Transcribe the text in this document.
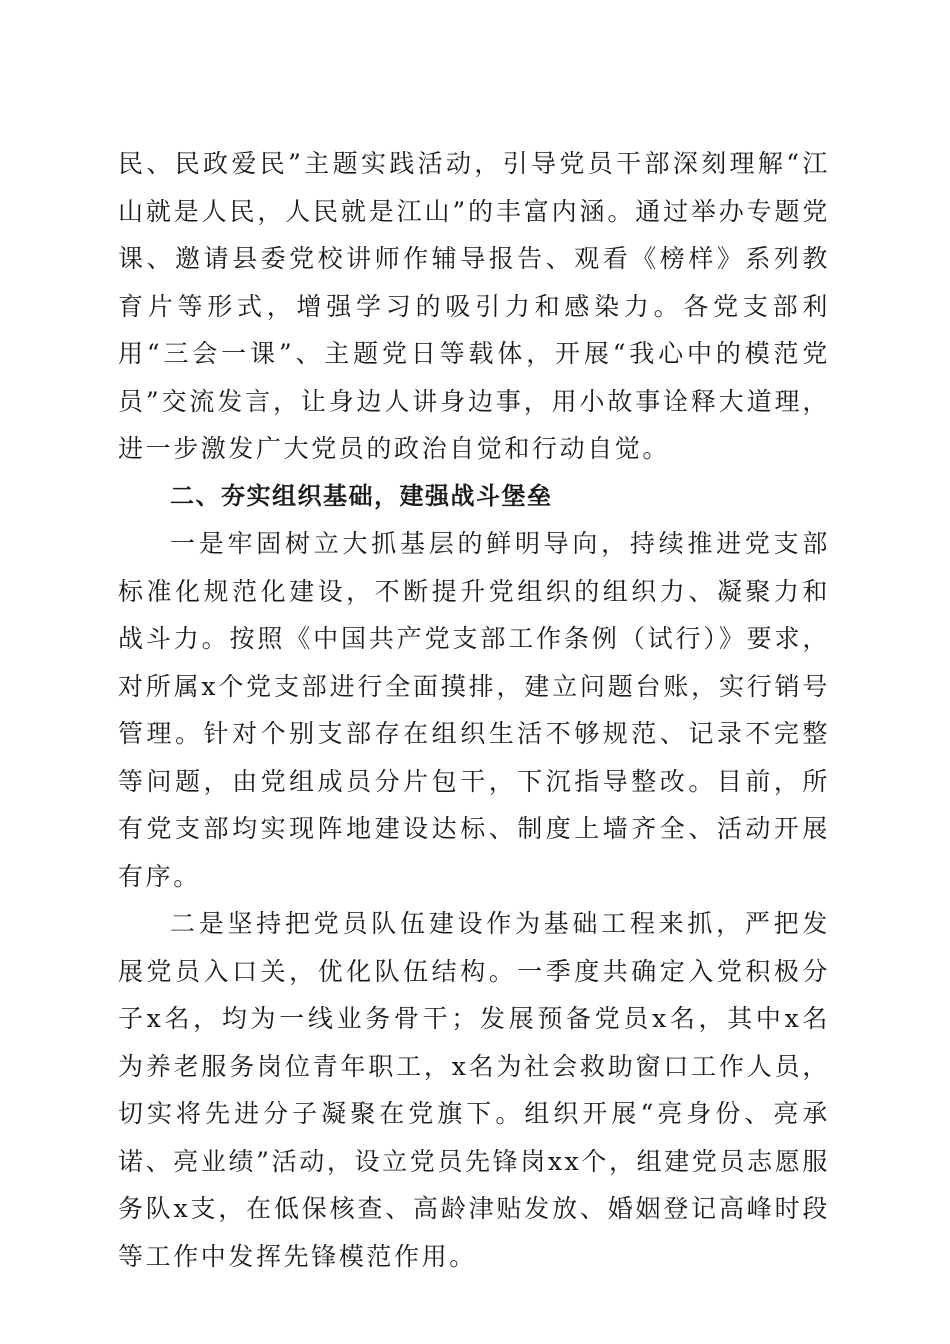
民、民政爱民”主题实践活动，引导党员干部深刻理解“江山就是人民，人民就是江山”的丰富内涵。通过举办专题党课、邀请县委党校讲师作辅导报告、观看《榜样》系列教育片等形式，增强学习的吸引力和感染力。各党支部利用“三会一课”、主题党日等载体，开展“我心中的模范党员”交流发言，让身边人讲身边事，用小故事诠释大道理，进一步激发广大党员的政治自觉和行动自觉。

二、夯实组织基础，建强战斗堡垒

一是牢固树立大抓基层的鲜明导向，持续推进党支部标准化规范化建设，不断提升党组织的组织力、凝聚力和战斗力。按照《中国共产党支部工作条例（试行）》要求，对所属x个党支部进行全面摸排，建立问题台账，实行销号管理。针对个别支部存在组织生活不够规范、记录不完整等问题，由党组成员分片包干，下沉指导整改。目前，所有党支部均实现阵地建设达标、制度上墙齐全、活动开展有序。

二是坚持把党员队伍建设作为基础工程来抓，严把发展党员入口关，优化队伍结构。一季度共确定入党积极分子x名，均为一线业务骨干；发展预备党员x名，其中x名为养老服务岗位青年职工，x名为社会救助窗口工作人员，切实将先进分子凝聚在党旗下。组织开展“亮身份、亮承诺、亮业绩”活动，设立党员先锋岗xx个，组建党员志愿服务队x支，在低保核查、高龄津贴发放、婚姻登记高峰时段等工作中发挥先锋模范作用。
